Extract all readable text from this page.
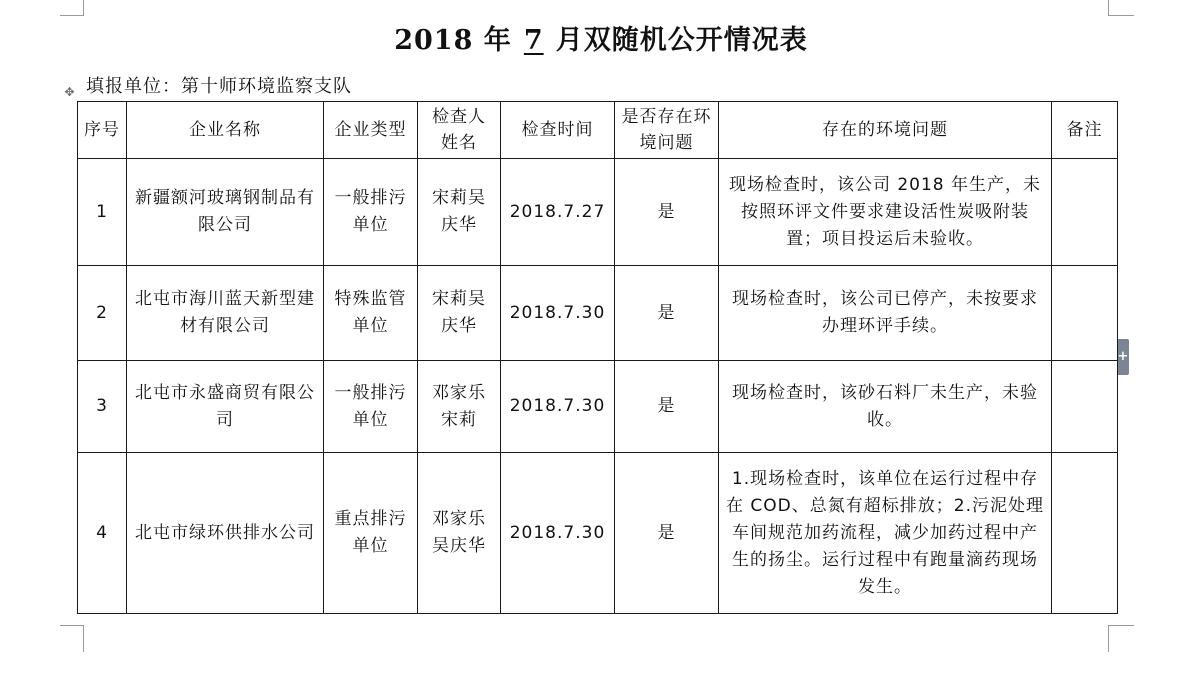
2018 年 7 月双随机公开情况表
✥ 填报单位：第十师环境监察支队
+
序号	企业名称	企业类型	检查人姓名	检查时间	是否存在环境问题	存在的环境问题	备注
1	新疆额河玻璃钢制品有限公司	一般排污单位	宋莉吴庆华	2018.7.27	是	现场检查时，该公司 2018 年生产，未按照环评文件要求建设活性炭吸附装置；项目投运后未验收。	
2	北屯市海川蓝天新型建材有限公司	特殊监管单位	宋莉吴庆华	2018.7.30	是	现场检查时，该公司已停产，未按要求办理环评手续。	
3	北屯市永盛商贸有限公司	一般排污单位	邓家乐宋莉	2018.7.30	是	现场检查时，该砂石料厂未生产，未验收。	
4	北屯市绿环供排水公司	重点排污单位	邓家乐吴庆华	2018.7.30	是	1.现场检查时，该单位在运行过程中存在 COD、总氮有超标排放；2.污泥处理车间规范加药流程，减少加药过程中产生的扬尘。运行过程中有跑量滴药现场发生。	
